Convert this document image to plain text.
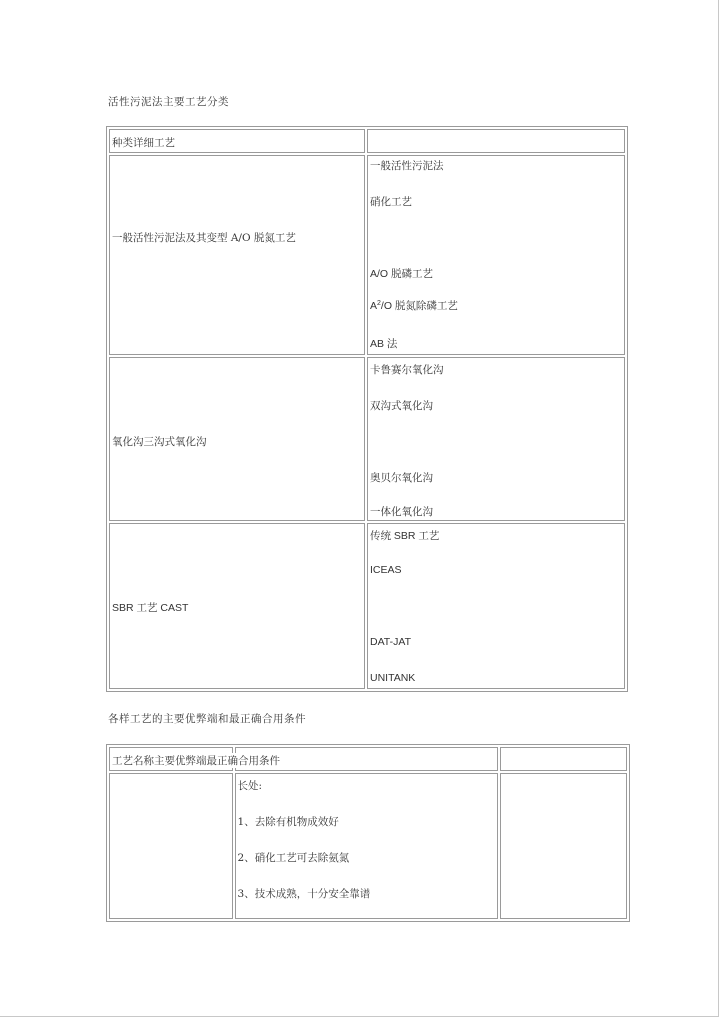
活性污泥法主要工艺分类
种类详细工艺	

一般活性污泥法及其变型 A/O 脱氮工艺	一般活性污泥法
硝化工艺
A/O 脱磷工艺
$A^2/O$ 脱氮除磷工艺
AB 法

氧化沟三沟式氧化沟	卡鲁赛尔氧化沟
双沟式氧化沟
奥贝尔氧化沟
一体化氧化沟

SBR 工艺 CAST	传统 SBR 工艺
ICEAS
DAT-JAT
UNITANK
各样工艺的主要优弊端和最正确合用条件
工艺名称主要优弊端最正确合用条件		

	长处:
1、去除有机物成效好
2、硝化工艺可去除氨氮
3、技术成熟，十分安全靠谱	
